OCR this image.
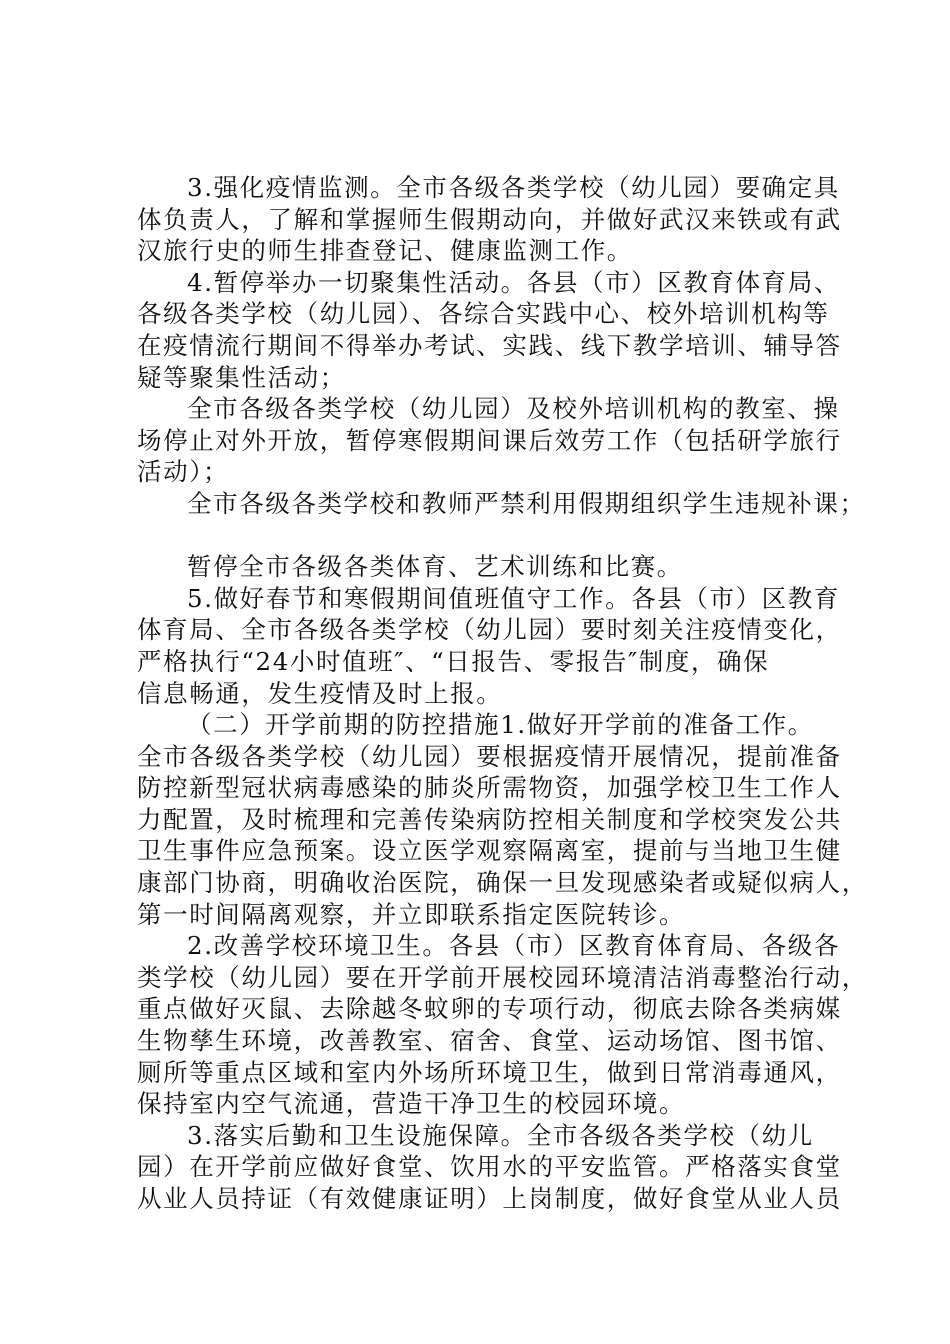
3.强化疫情监测。全市各级各类学校（幼儿园）要确定具
体负责人，了解和掌握师生假期动向，并做好武汉来铁或有武
汉旅行史的师生排查登记、健康监测工作。
4.暂停举办一切聚集性活动。各县（市）区教育体育局、
各级各类学校（幼儿园）、各综合实践中心、校外培训机构等
在疫情流行期间不得举办考试、实践、线下教学培训、辅导答
疑等聚集性活动；
全市各级各类学校（幼儿园）及校外培训机构的教室、操
场停止对外开放，暂停寒假期间课后效劳工作（包括研学旅行
活动）；
全市各级各类学校和教师严禁利用假期组织学生违规补课；
暂停全市各级各类体育、艺术训练和比赛。
5.做好春节和寒假期间值班值守工作。各县（市）区教育
体育局、全市各级各类学校（幼儿园）要时刻关注疫情变化，
严格执行“24小时值班″、“日报告、零报告″制度，确保
信息畅通，发生疫情及时上报。
（二）开学前期的防控措施1.做好开学前的准备工作。
全市各级各类学校（幼儿园）要根据疫情开展情况，提前准备
防控新型冠状病毒感染的肺炎所需物资，加强学校卫生工作人
力配置，及时梳理和完善传染病防控相关制度和学校突发公共
卫生事件应急预案。设立医学观察隔离室，提前与当地卫生健
康部门协商，明确收治医院，确保一旦发现感染者或疑似病人，
第一时间隔离观察，并立即联系指定医院转诊。
2.改善学校环境卫生。各县（市）区教育体育局、各级各
类学校（幼儿园）要在开学前开展校园环境清洁消毒整治行动，
重点做好灭鼠、去除越冬蚊卵的专项行动，彻底去除各类病媒
生物孳生环境，改善教室、宿舍、食堂、运动场馆、图书馆、
厕所等重点区域和室内外场所环境卫生，做到日常消毒通风，
保持室内空气流通，营造干净卫生的校园环境。
3.落实后勤和卫生设施保障。全市各级各类学校（幼儿
园）在开学前应做好食堂、饮用水的平安监管。严格落实食堂
从业人员持证（有效健康证明）上岗制度，做好食堂从业人员
